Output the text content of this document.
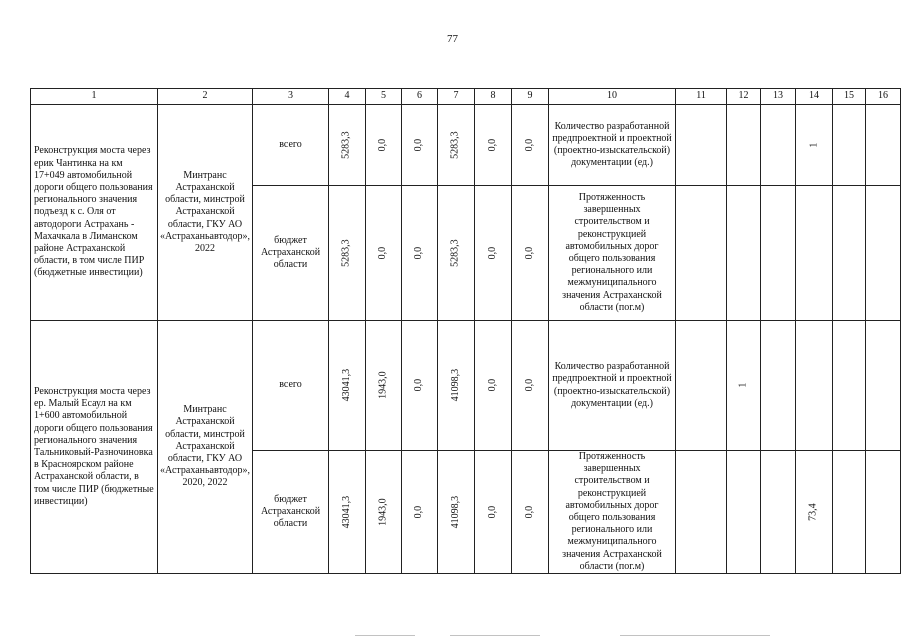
77
1	2	3	4	5	6	7	8	9	10	11	12	13	14	15	16
Реконструкция моста через ерик Чантинка на км 17+049 автомобильной дороги общего пользования регионального значения подъезд к с. Оля от автодороги Астрахань - Махачкала в Лиманском районе Астраханской области, в том числе ПИР (бюджетные инвестиции)	Минтранс Астраханской области, минстрой Астраханской области, ГКУ АО «Астраханьавтодор», 2022	всего	5283,3	0,0	0,0	5283,3	0,0	0,0	Количество разработанной предпроектной и проектной (проектно-изыскательской) документации (ед.)				1		
		бюджет Астраханской области	5283,3	0,0	0,0	5283,3	0,0	0,0	Протяженность завершенных строительством и реконструкцией автомобильных дорог общего пользования регионального или межмуниципального значения Астраханской области (пог.м)						
Реконструкция моста через ер. Малый Есаул на км 1+600 автомобильной дороги общего пользования регионального значения Тальниковый-Разночиновка в Красноярском районе Астраханской области, в том числе ПИР (бюджетные инвестиции)	Минтранс Астраханской области, минстрой Астраханской области, ГКУ АО «Астраханьавтодор», 2020, 2022	всего	43041,3	1943,0	0,0	41098,3	0,0	0,0	Количество разработанной предпроектной и проектной (проектно-изыскательской) документации (ед.)		1				
		бюджет Астраханской области	43041,3	1943,0	0,0	41098,3	0,0	0,0	Протяженность завершенных строительством и реконструкцией автомобильных дорог общего пользования регионального или межмуниципального значения Астраханской области (пог.м)				73,4		
